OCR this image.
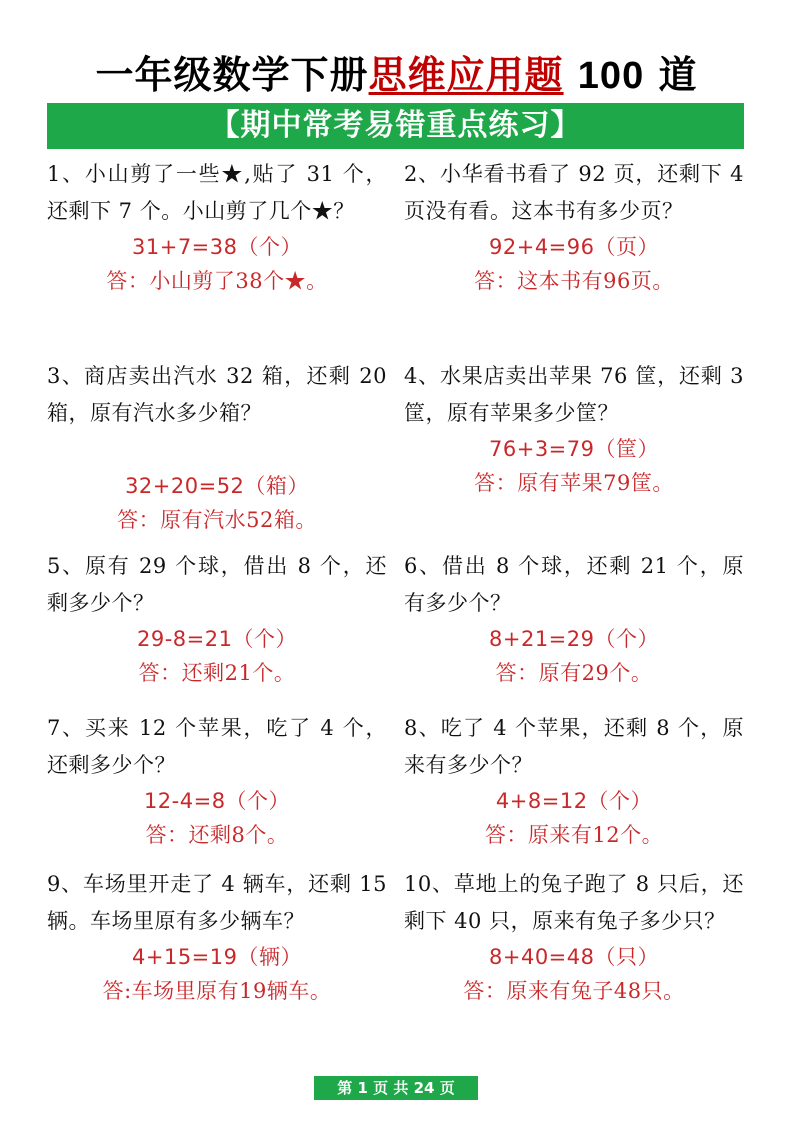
一年级数学下册思维应用题 100 道
【期中常考易错重点练习】
1、小山剪了一些★,贴了 31 个，还剩下 7 个。小山剪了几个★？
31+7=38（个）
答：小山剪了38个★。
2、小华看书看了 92 页，还剩下 4 页没有看。这本书有多少页？
92+4=96（页）
答：这本书有96页。
3、商店卖出汽水 32 箱，还剩 20 箱，原有汽水多少箱？
32+20=52（箱）
答：原有汽水52箱。
4、水果店卖出苹果 76 筐，还剩 3 筐，原有苹果多少筐？
76+3=79（筐）
答：原有苹果79筐。
5、原有 29 个球，借出 8 个，还剩多少个？
29-8=21（个）
答：还剩21个。
6、借出 8 个球，还剩 21 个，原有多少个？
8+21=29（个）
答：原有29个。
7、买来 12 个苹果，吃了 4 个，还剩多少个？
12-4=8（个）
答：还剩8个。
8、吃了 4 个苹果，还剩 8 个，原来有多少个？
4+8=12（个）
答：原来有12个。
9、车场里开走了 4 辆车，还剩 15 辆。车场里原有多少辆车？
4+15=19（辆）
答:车场里原有19辆车。
10、草地上的兔子跑了 8 只后，还剩下 40 只，原来有兔子多少只？
8+40=48（只）
答：原来有兔子48只。
第 1 页 共 24 页
